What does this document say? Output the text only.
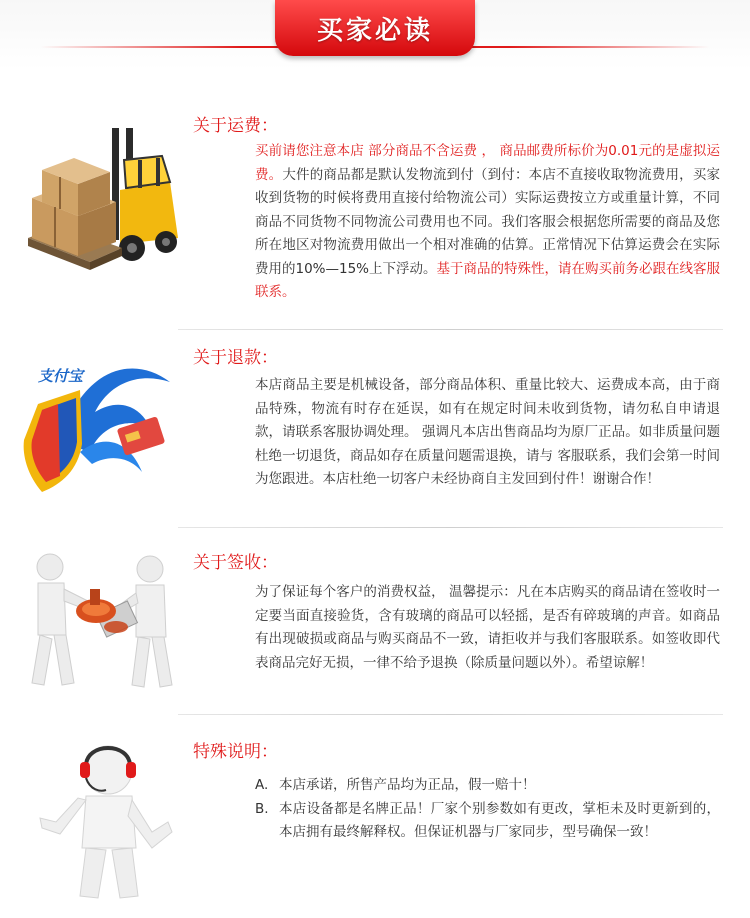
买家必读
关于运费：
买前请您注意本店 部分商品不含运费 ， 商品邮费所标价为0.01元的是虚拟运费。大件的商品都是默认发物流到付（到付：本店不直接收取物流费用，买家收到货物的时候将费用直接付给物流公司）实际运费按立方或重量计算，不同商品不同货物不同物流公司费用也不同。我们客服会根据您所需要的商品及您所在地区对物流费用做出一个相对准确的估算。正常情况下估算运费会在实际费用的10%—15%上下浮动。基于商品的特殊性，请在购买前务必跟在线客服联系。
支付宝
关于退款：
本店商品主要是机械设备，部分商品体积、重量比较大、运费成本高，由于商品特殊，物流有时存在延误，如有在规定时间未收到货物，请勿私自申请退款，请联系客服协调处理。 强调凡本店出售商品均为原厂正品。如非质量问题杜绝一切退货，商品如存在质量问题需退换，请与 客服联系，我们会第一时间为您跟进。本店杜绝一切客户未经协商自主发回到付件！谢谢合作！
关于签收：
为了保证每个客户的消费权益， 温馨提示：凡在本店购买的商品请在签收时一定要当面直接验货，含有玻璃的商品可以轻摇，是否有碎玻璃的声音。如商品有出现破损或商品与购买商品不一致，请拒收并与我们客服联系。如签收即代表商品完好无损，一律不给予退换（除质量问题以外）。希望谅解！
特殊说明：
A. 本店承诺，所售产品均为正品，假一赔十！
B. 本店设备都是名牌正品！厂家个别参数如有更改，掌柜未及时更新到的，本店拥有最终解释权。但保证机器与厂家同步，型号确保一致！
